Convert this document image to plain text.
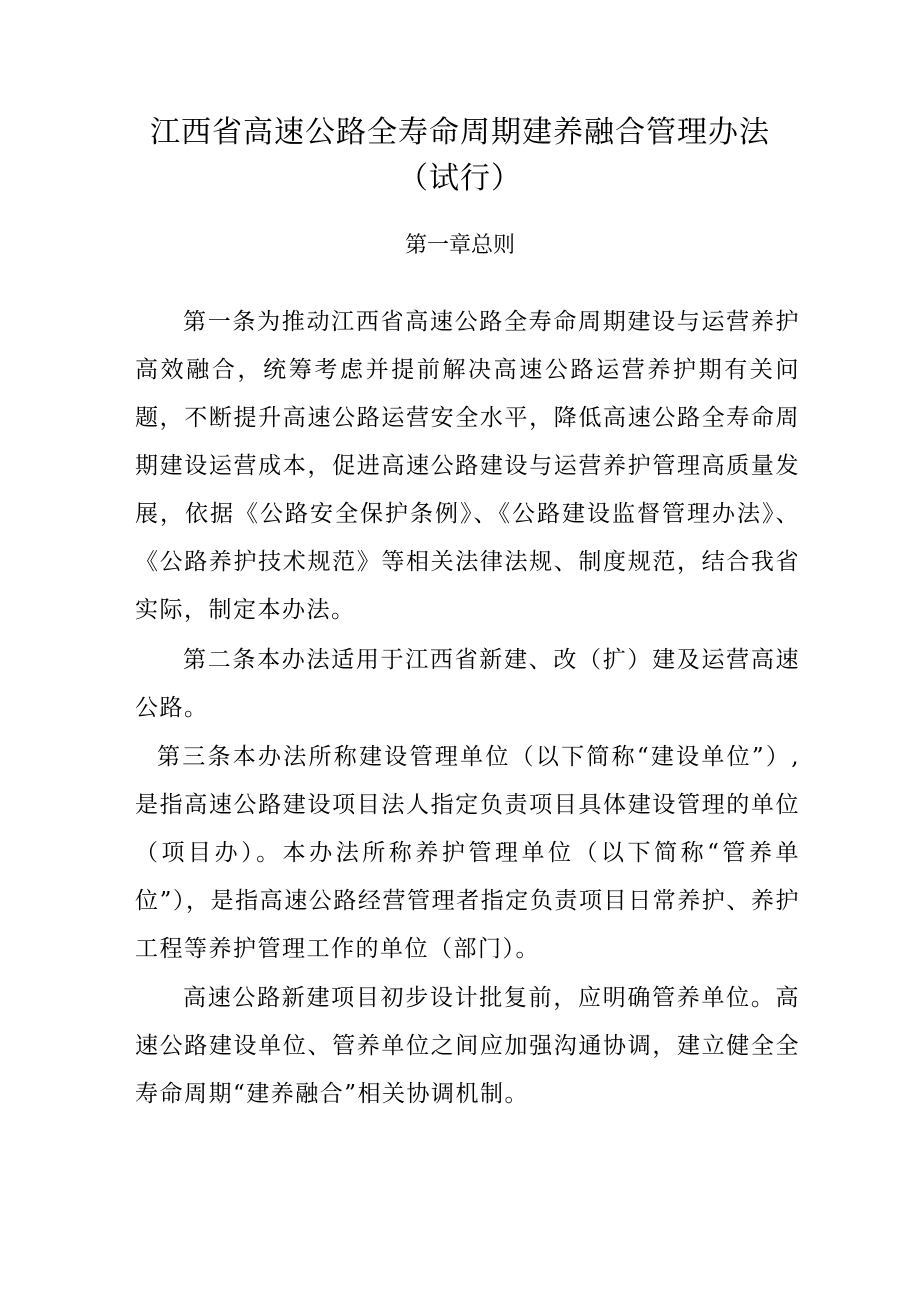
江西省高速公路全寿命周期建养融合管理办法（试行）
第一章总则

第一条为推动江西省高速公路全寿命周期建设与运营养护高效融合，统筹考虑并提前解决高速公路运营养护期有关问题，不断提升高速公路运营安全水平，降低高速公路全寿命周期建设运营成本，促进高速公路建设与运营养护管理高质量发展，依据《公路安全保护条例》、《公路建设监督管理办法》、《公路养护技术规范》等相关法律法规、制度规范，结合我省实际，制定本办法。

第二条本办法适用于江西省新建、改（扩）建及运营高速公路。

第三条本办法所称建设管理单位（以下简称“建设单位”）,是指高速公路建设项目法人指定负责项目具体建设管理的单位（项目办）。本办法所称养护管理单位（以下简称“管养单位”），是指高速公路经营管理者指定负责项目日常养护、养护工程等养护管理工作的单位（部门）。

高速公路新建项目初步设计批复前，应明确管养单位。高速公路建设单位、管养单位之间应加强沟通协调，建立健全全寿命周期“建养融合”相关协调机制。
